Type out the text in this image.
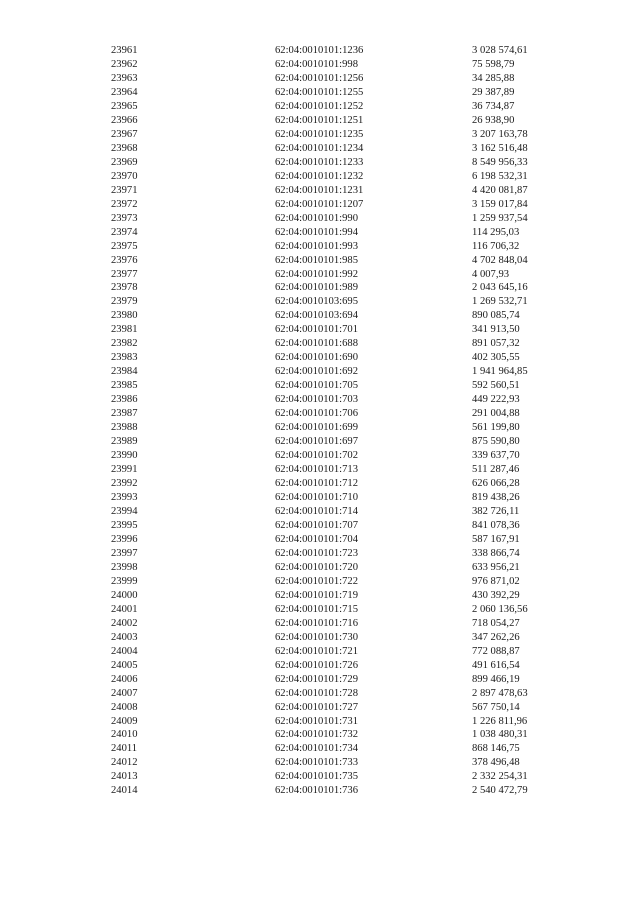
23961	62:04:0010101:1236	3 028 574,61
23962	62:04:0010101:998	75 598,79
23963	62:04:0010101:1256	34 285,88
23964	62:04:0010101:1255	29 387,89
23965	62:04:0010101:1252	36 734,87
23966	62:04:0010101:1251	26 938,90
23967	62:04:0010101:1235	3 207 163,78
23968	62:04:0010101:1234	3 162 516,48
23969	62:04:0010101:1233	8 549 956,33
23970	62:04:0010101:1232	6 198 532,31
23971	62:04:0010101:1231	4 420 081,87
23972	62:04:0010101:1207	3 159 017,84
23973	62:04:0010101:990	1 259 937,54
23974	62:04:0010101:994	114 295,03
23975	62:04:0010101:993	116 706,32
23976	62:04:0010101:985	4 702 848,04
23977	62:04:0010101:992	4 007,93
23978	62:04:0010101:989	2 043 645,16
23979	62:04:0010103:695	1 269 532,71
23980	62:04:0010103:694	890 085,74
23981	62:04:0010101:701	341 913,50
23982	62:04:0010101:688	891 057,32
23983	62:04:0010101:690	402 305,55
23984	62:04:0010101:692	1 941 964,85
23985	62:04:0010101:705	592 560,51
23986	62:04:0010101:703	449 222,93
23987	62:04:0010101:706	291 004,88
23988	62:04:0010101:699	561 199,80
23989	62:04:0010101:697	875 590,80
23990	62:04:0010101:702	339 637,70
23991	62:04:0010101:713	511 287,46
23992	62:04:0010101:712	626 066,28
23993	62:04:0010101:710	819 438,26
23994	62:04:0010101:714	382 726,11
23995	62:04:0010101:707	841 078,36
23996	62:04:0010101:704	587 167,91
23997	62:04:0010101:723	338 866,74
23998	62:04:0010101:720	633 956,21
23999	62:04:0010101:722	976 871,02
24000	62:04:0010101:719	430 392,29
24001	62:04:0010101:715	2 060 136,56
24002	62:04:0010101:716	718 054,27
24003	62:04:0010101:730	347 262,26
24004	62:04:0010101:721	772 088,87
24005	62:04:0010101:726	491 616,54
24006	62:04:0010101:729	899 466,19
24007	62:04:0010101:728	2 897 478,63
24008	62:04:0010101:727	567 750,14
24009	62:04:0010101:731	1 226 811,96
24010	62:04:0010101:732	1 038 480,31
24011	62:04:0010101:734	868 146,75
24012	62:04:0010101:733	378 496,48
24013	62:04:0010101:735	2 332 254,31
24014	62:04:0010101:736	2 540 472,79
